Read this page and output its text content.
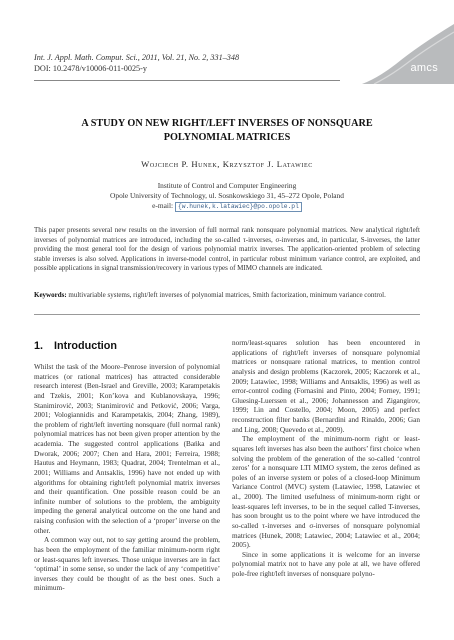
Int. J. Appl. Math. Comput. Sci., 2011, Vol. 21, No. 2, 331–348
DOI: 10.2478/v10006-011-0025-y	amcs
A STUDY ON NEW RIGHT/LEFT INVERSES OF NONSQUARE POLYNOMIAL MATRICES
Wojciech P. Hunek, Krzysztof J. Latawiec
Institute of Control and Computer Engineering
Opole University of Technology, ul. Sosnkowskiego 31, 45–272 Opole, Poland
e-mail: {w.hunek,k.latawiec}@po.opole.pl
This paper presents several new results on the inversion of full normal rank nonsquare polynomial matrices. New analytical right/left inverses of polynomial matrices are introduced, including the so-called τ-inverses, σ-inverses and, in particular, S-inverses, the latter providing the most general tool for the design of various polynomial matrix inverses. The application-oriented problem of selecting stable inverses is also solved. Applications in inverse-model control, in particular robust minimum variance control, are exploited, and possible applications in signal transmission/recovery in various types of MIMO channels are indicated.
Keywords: multivariable systems, right/left inverses of polynomial matrices, Smith factorization, minimum variance control.
1. Introduction

Whilst the task of the Moore–Penrose inversion of polynomial matrices (or rational matrices) has attracted considerable research interest (Ben-Israel and Greville, 2003; Karampetakis and Tzekis, 2001; Kon’kova and Kublanovskaya, 1996; Stanimirović, 2003; Stanimirović and Petković, 2006; Varga, 2001; Vologiannidis and Karampetakis, 2004; Zhang, 1989), the problem of right/left inverting nonsquare (full normal rank) polynomial matrices has not been given proper attention by the academia. The suggested control applications (Bańka and Dworak, 2006; 2007; Chen and Hara, 2001; Ferreira, 1988; Hautus and Heymann, 1983; Quadrat, 2004; Trentelman et al., 2001; Williams and Antsaklis, 1996) have not ended up with algorithms for obtaining right/left polynomial matrix inverses and their quantification. One possible reason could be an infinite number of solutions to the problem, the ambiguity impeding the general analytical outcome on the one hand and raising confusion with the selection of a ‘proper’ inverse on the other.

A common way out, not to say getting around the problem, has been the employment of the familiar minimum-norm right or least-squares left inverses. Those unique inverses are in fact ‘optimal’ in some sense, so under the lack of any ‘competitive’ inverses they could be thought of as the best ones. Such a minimum-

norm/least-squares solution has been encountered in applications of right/left inverses of nonsquare polynomial matrices or nonsquare rational matrices, to mention control analysis and design problems (Kaczorek, 2005; Kaczorek et al., 2009; Latawiec, 1998; Williams and Antsaklis, 1996) as well as error-control coding (Fornasini and Pinto, 2004; Forney, 1991; Gluesing-Luerssen et al., 2006; Johannesson and Zigangirov, 1999; Lin and Costello, 2004; Moon, 2005) and perfect reconstruction filter banks (Bernardini and Rinaldo, 2006; Gan and Ling, 2008; Quevedo et al., 2009).

The employment of the minimum-norm right or least-squares left inverses has also been the authors’ first choice when solving the problem of the generation of the so-called ‘control zeros’ for a nonsquare LTI MIMO system, the zeros defined as poles of an inverse system or poles of a closed-loop Minimum Variance Control (MVC) system (Latawiec, 1998, Latawiec et al., 2000). The limited usefulness of minimum-norm right or least-squares left inverses, to be in the sequel called T-inverses, has soon brought us to the point where we have introduced the so-called τ-inverses and σ-inverses of nonsquare polynomial matrices (Hunek, 2008; Latawiec, 2004; Latawiec et al., 2004; 2005).

Since in some applications it is welcome for an inverse polynomial matrix not to have any pole at all, we have offered pole-free right/left inverses of nonsquare polyno-
